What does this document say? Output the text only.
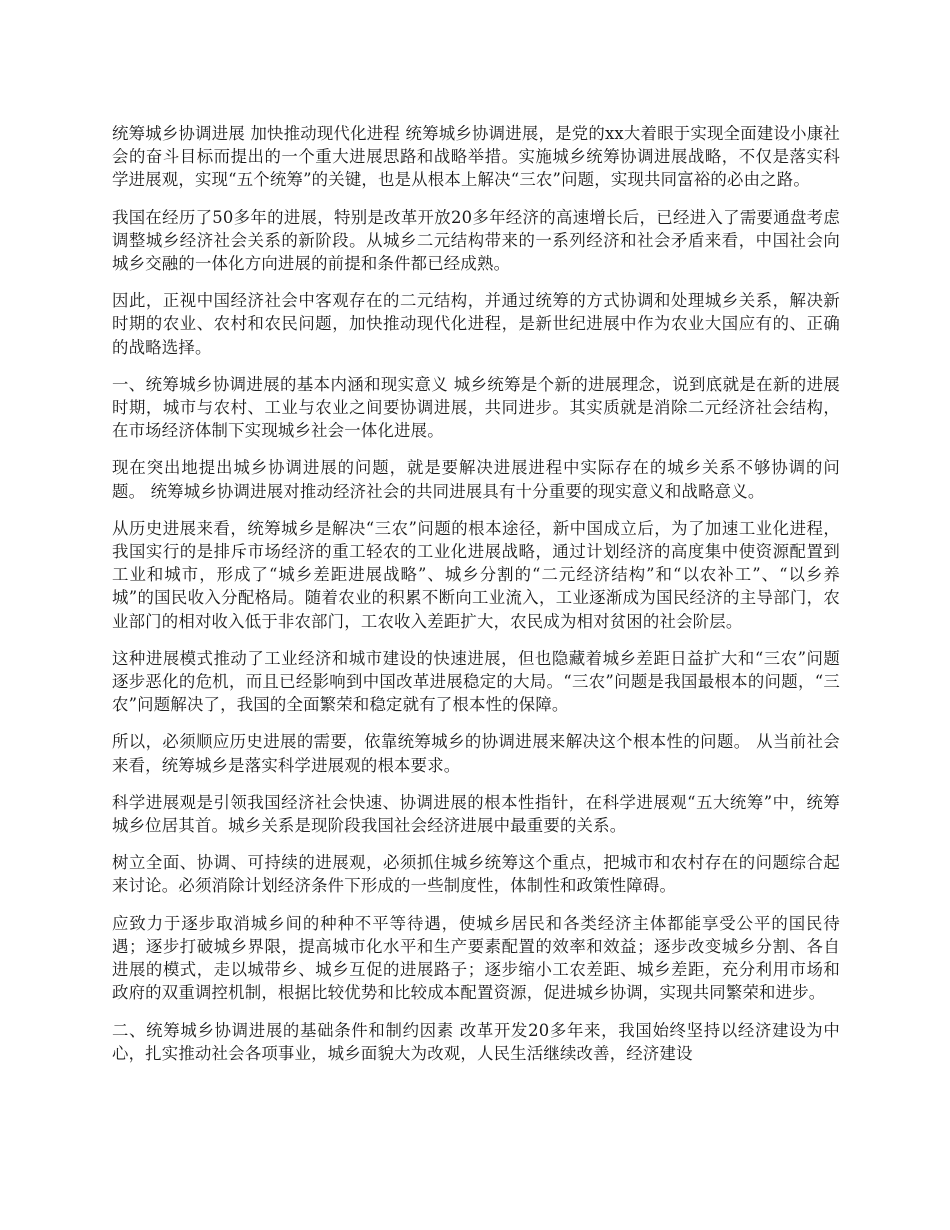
统筹城乡协调进展 加快推动现代化进程 统筹城乡协调进展，是党的xx大着眼于实现全面建设小康社会的奋斗目标而提出的一个重大进展思路和战略举措。实施城乡统筹协调进展战略，不仅是落实科学进展观，实现“五个统筹”的关键，也是从根本上解决“三农”问题，实现共同富裕的必由之路。

我国在经历了50多年的进展，特别是改革开放20多年经济的高速增长后，已经进入了需要通盘考虑调整城乡经济社会关系的新阶段。从城乡二元结构带来的一系列经济和社会矛盾来看，中国社会向城乡交融的一体化方向进展的前提和条件都已经成熟。

因此，正视中国经济社会中客观存在的二元结构，并通过统筹的方式协调和处理城乡关系，解决新时期的农业、农村和农民问题，加快推动现代化进程，是新世纪进展中作为农业大国应有的、正确的战略选择。

一、统筹城乡协调进展的基本内涵和现实意义 城乡统筹是个新的进展理念，说到底就是在新的进展时期，城市与农村、工业与农业之间要协调进展，共同进步。其实质就是消除二元经济社会结构，在市场经济体制下实现城乡社会一体化进展。

现在突出地提出城乡协调进展的问题，就是要解决进展进程中实际存在的城乡关系不够协调的问题。 统筹城乡协调进展对推动经济社会的共同进展具有十分重要的现实意义和战略意义。

从历史进展来看，统筹城乡是解决“三农”问题的根本途径，新中国成立后，为了加速工业化进程，我国实行的是排斥市场经济的重工轻农的工业化进展战略，通过计划经济的高度集中使资源配置到工业和城市，形成了“城乡差距进展战略”、城乡分割的“二元经济结构”和“以农补工”、“以乡养城”的国民收入分配格局。随着农业的积累不断向工业流入，工业逐渐成为国民经济的主导部门，农业部门的相对收入低于非农部门，工农收入差距扩大，农民成为相对贫困的社会阶层。

这种进展模式推动了工业经济和城市建设的快速进展，但也隐藏着城乡差距日益扩大和“三农”问题逐步恶化的危机，而且已经影响到中国改革进展稳定的大局。“三农”问题是我国最根本的问题，“三农”问题解决了，我国的全面繁荣和稳定就有了根本性的保障。

所以，必须顺应历史进展的需要，依靠统筹城乡的协调进展来解决这个根本性的问题。 从当前社会来看，统筹城乡是落实科学进展观的根本要求。

科学进展观是引领我国经济社会快速、协调进展的根本性指针，在科学进展观“五大统筹”中，统筹城乡位居其首。城乡关系是现阶段我国社会经济进展中最重要的关系。

树立全面、协调、可持续的进展观，必须抓住城乡统筹这个重点，把城市和农村存在的问题综合起来讨论。必须消除计划经济条件下形成的一些制度性，体制性和政策性障碍。

应致力于逐步取消城乡间的种种不平等待遇，使城乡居民和各类经济主体都能享受公平的国民待遇；逐步打破城乡界限，提高城市化水平和生产要素配置的效率和效益；逐步改变城乡分割、各自进展的模式，走以城带乡、城乡互促的进展路子；逐步缩小工农差距、城乡差距，充分利用市场和政府的双重调控机制，根据比较优势和比较成本配置资源，促进城乡协调，实现共同繁荣和进步。

二、统筹城乡协调进展的基础条件和制约因素 改革开发20多年来，我国始终坚持以经济建设为中心，扎实推动社会各项事业，城乡面貌大为改观，人民生活继续改善，经济建设
